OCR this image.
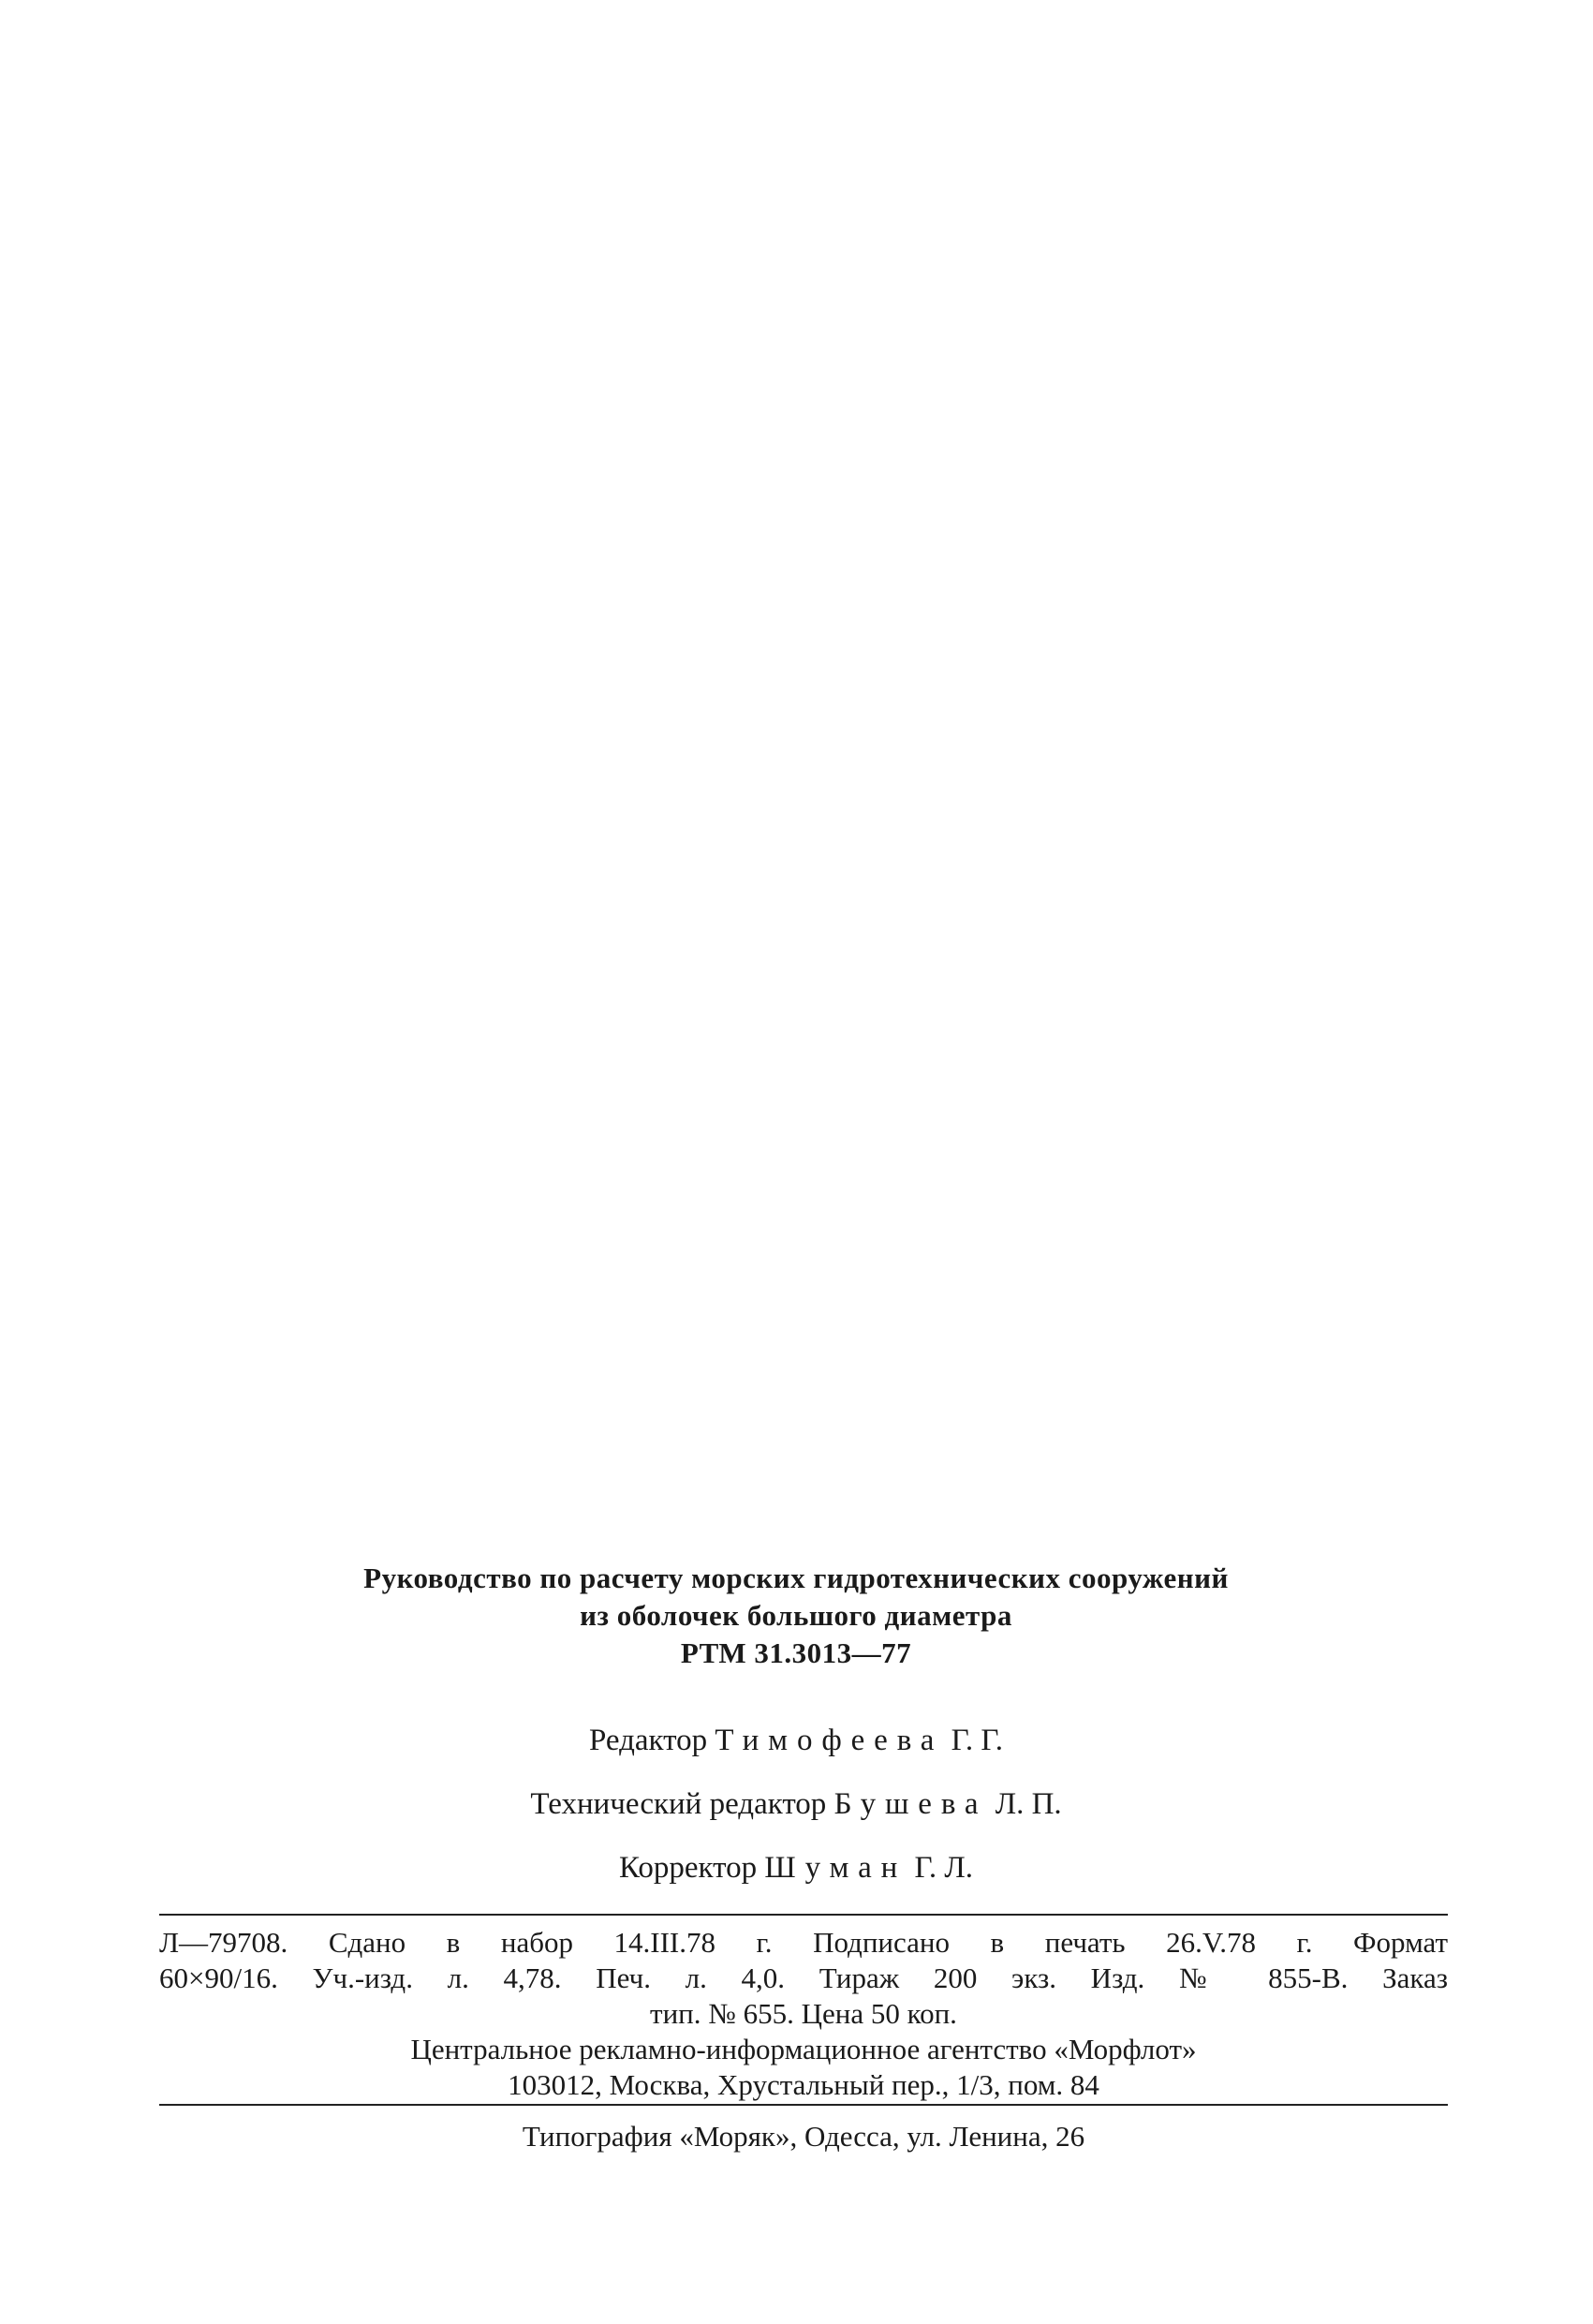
Руководство по расчету морских гидротехнических сооружений
из оболочек большого диаметра
РТМ 31.3013—77
Редактор Тимофеева Г. Г.
Технический редактор Бушева Л. П.
Корректор Шуман Г. Л.
Л—79708. Сдано в набор 14.III.78 г. Подписано в печать 26.V.78 г. Формат
60×90/16. Уч.-изд. л. 4,78. Печ. л. 4,0. Тираж 200 экз. Изд. № 855-В. Заказ
тип. № 655. Цена 50 коп.
Центральное рекламно-информационное агентство «Морфлот»
103012, Москва, Хрустальный пер., 1/3, пом. 84
Типография «Моряк», Одесса, ул. Ленина, 26
